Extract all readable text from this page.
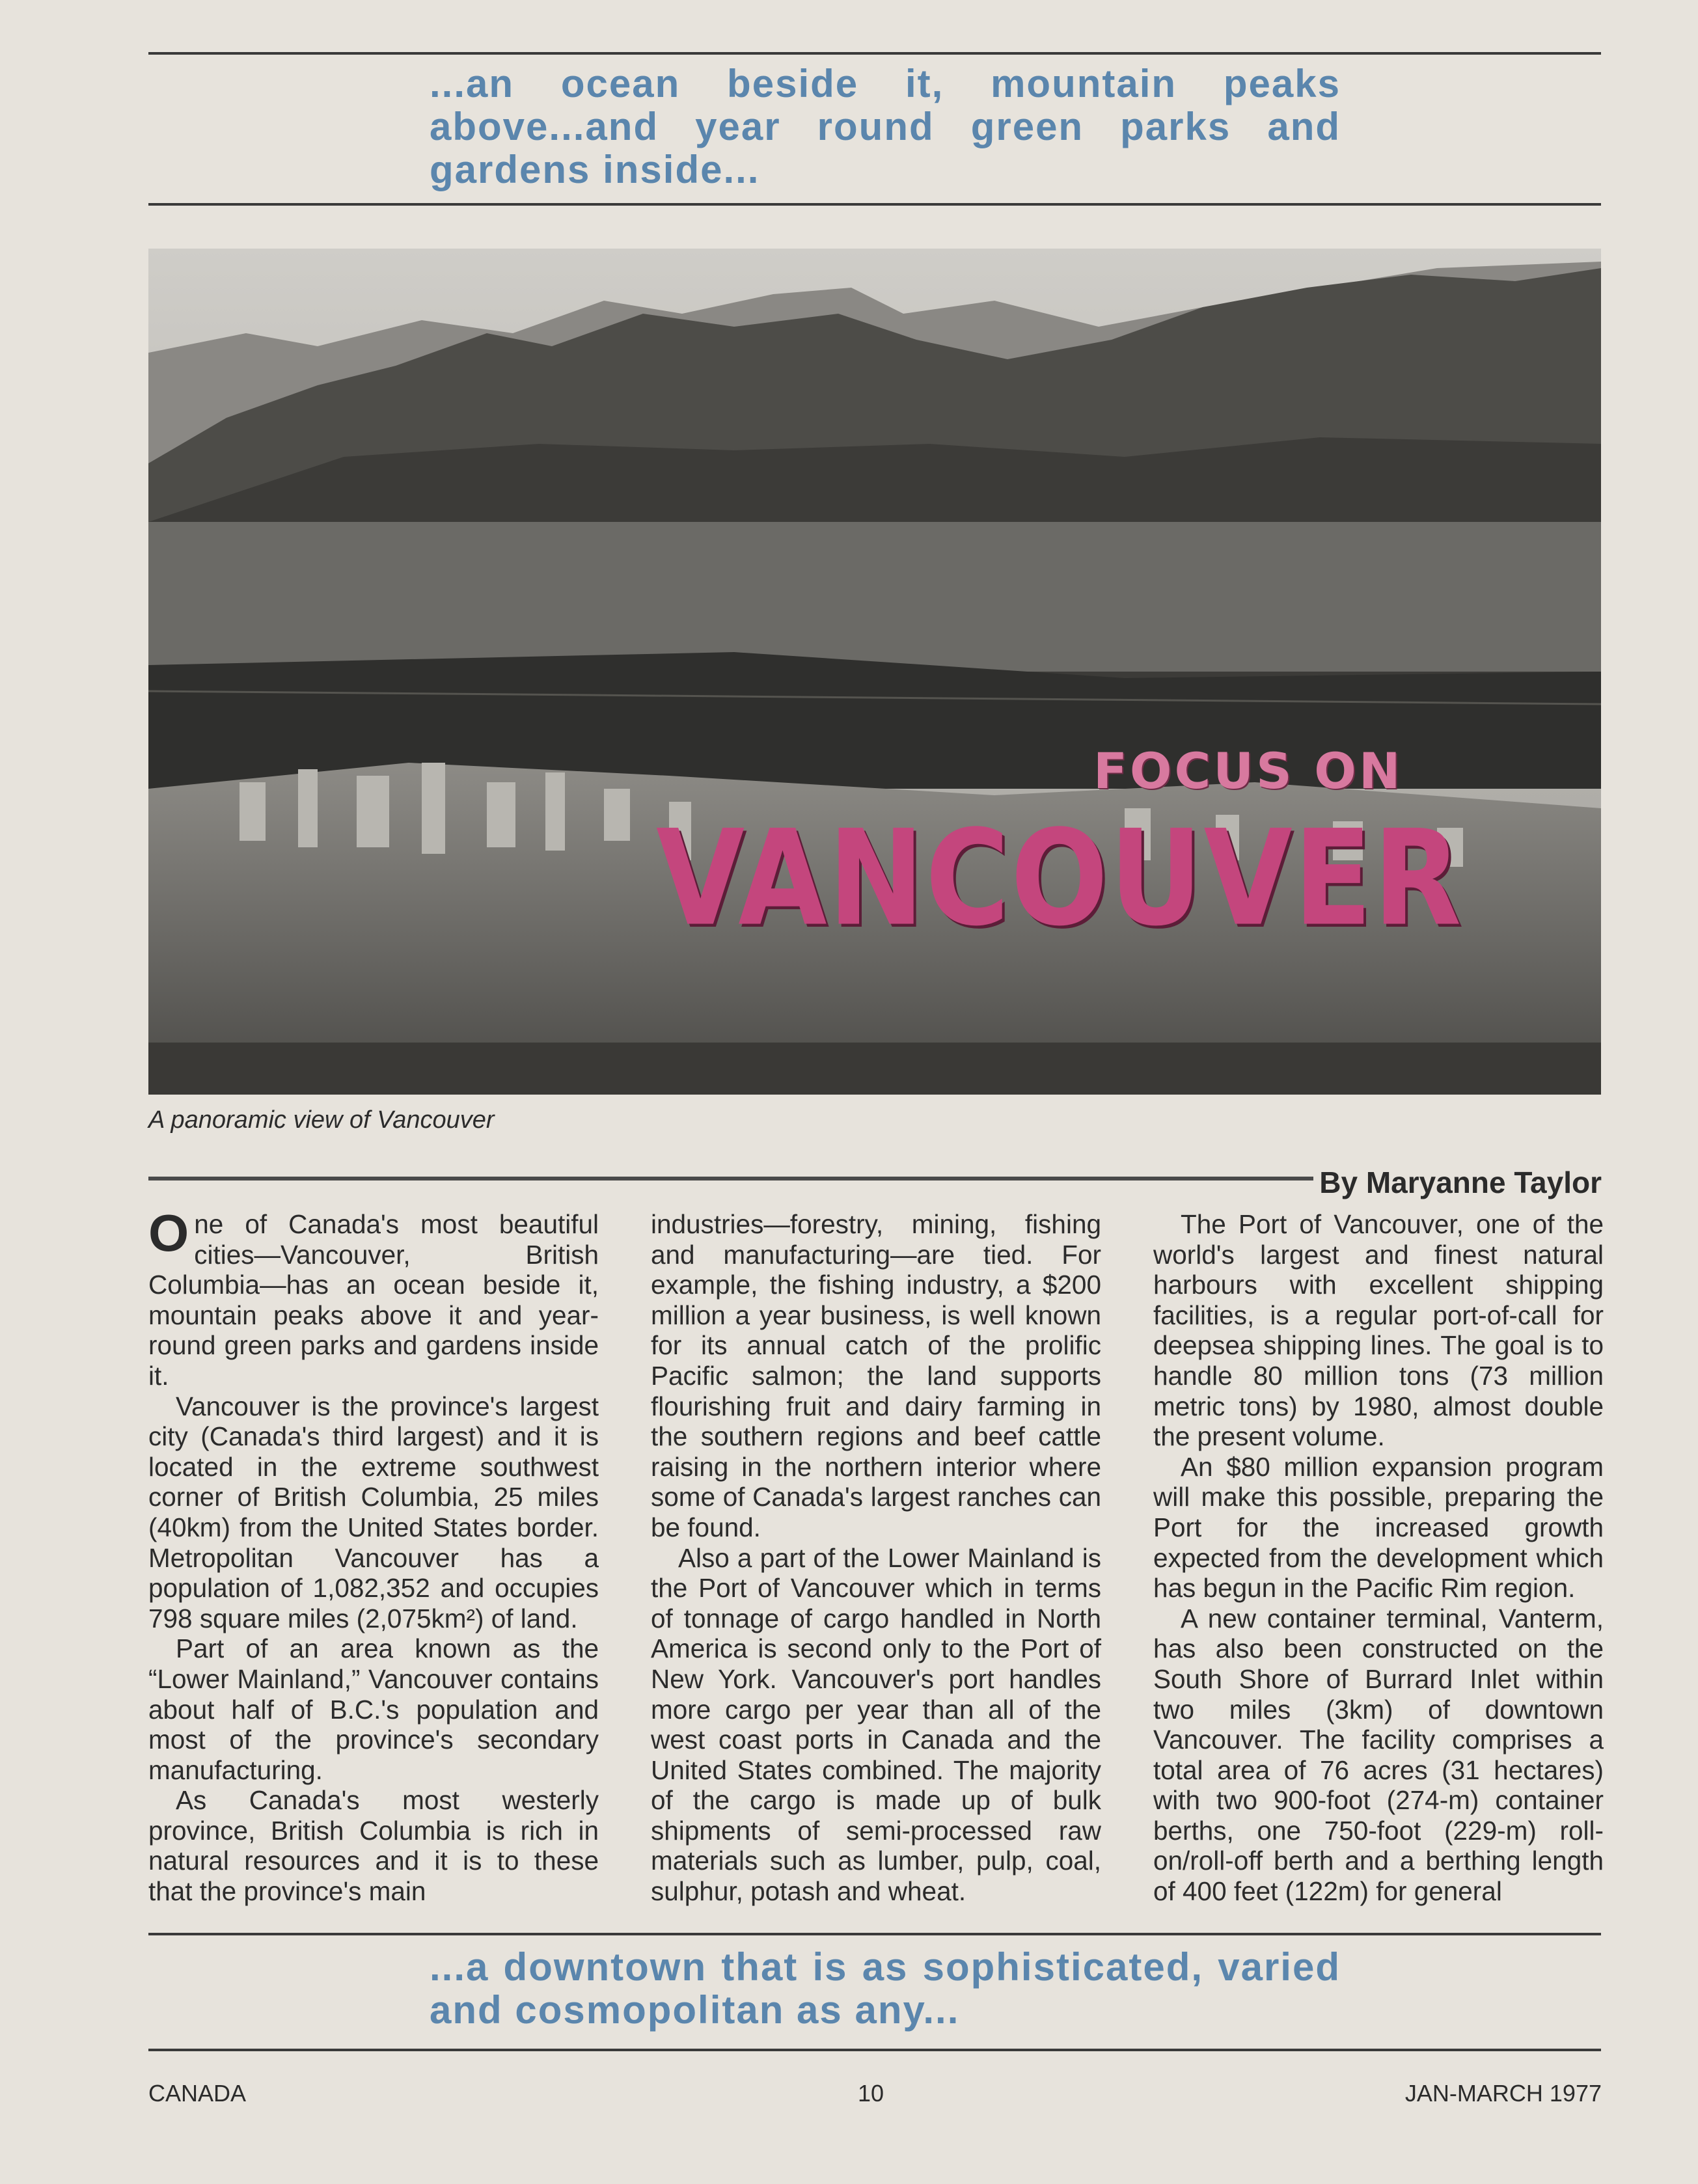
...an ocean beside it, mountain peaks above...and year round green parks and gardens inside...

FOCUS ON
VANCOUVER

A panoramic view of Vancouver

By Maryanne Taylor

One of Canada's most beautiful cities—Vancouver, British Columbia—has an ocean beside it, mountain peaks above it and year-round green parks and gardens inside it.

Vancouver is the province's largest city (Canada's third largest) and it is located in the extreme southwest corner of British Columbia, 25 miles (40km) from the United States border. Metropolitan Vancouver has a population of 1,082,352 and occupies 798 square miles (2,075km²) of land.

Part of an area known as the “Lower Mainland,” Vancouver contains about half of B.C.'s population and most of the province's secondary manufacturing.

As Canada's most westerly province, British Columbia is rich in natural resources and it is to these that the province's main

industries—forestry, mining, fishing and manufacturing—are tied. For example, the fishing industry, a $200 million a year business, is well known for its annual catch of the prolific Pacific salmon; the land supports flourishing fruit and dairy farming in the southern regions and beef cattle raising in the northern interior where some of Canada's largest ranches can be found.

Also a part of the Lower Mainland is the Port of Vancouver which in terms of tonnage of cargo handled in North America is second only to the Port of New York. Vancouver's port handles more cargo per year than all of the west coast ports in Canada and the United States combined. The majority of the cargo is made up of bulk shipments of semi-processed raw materials such as lumber, pulp, coal, sulphur, potash and wheat.

The Port of Vancouver, one of the world's largest and finest natural harbours with excellent shipping facilities, is a regular port-of-call for deepsea shipping lines. The goal is to handle 80 million tons (73 million metric tons) by 1980, almost double the present volume.

An $80 million expansion program will make this possible, preparing the Port for the increased growth expected from the development which has begun in the Pacific Rim region.

A new container terminal, Vanterm, has also been constructed on the South Shore of Burrard Inlet within two miles (3km) of downtown Vancouver. The facility comprises a total area of 76 acres (31 hectares) with two 900-foot (274-m) container berths, one 750-foot (229-m) roll-on/roll-off berth and a berthing length of 400 feet (122m) for general

...a downtown that is as sophisticated, varied and cosmopolitan as any...

CANADA	10	JAN-MARCH 1977
